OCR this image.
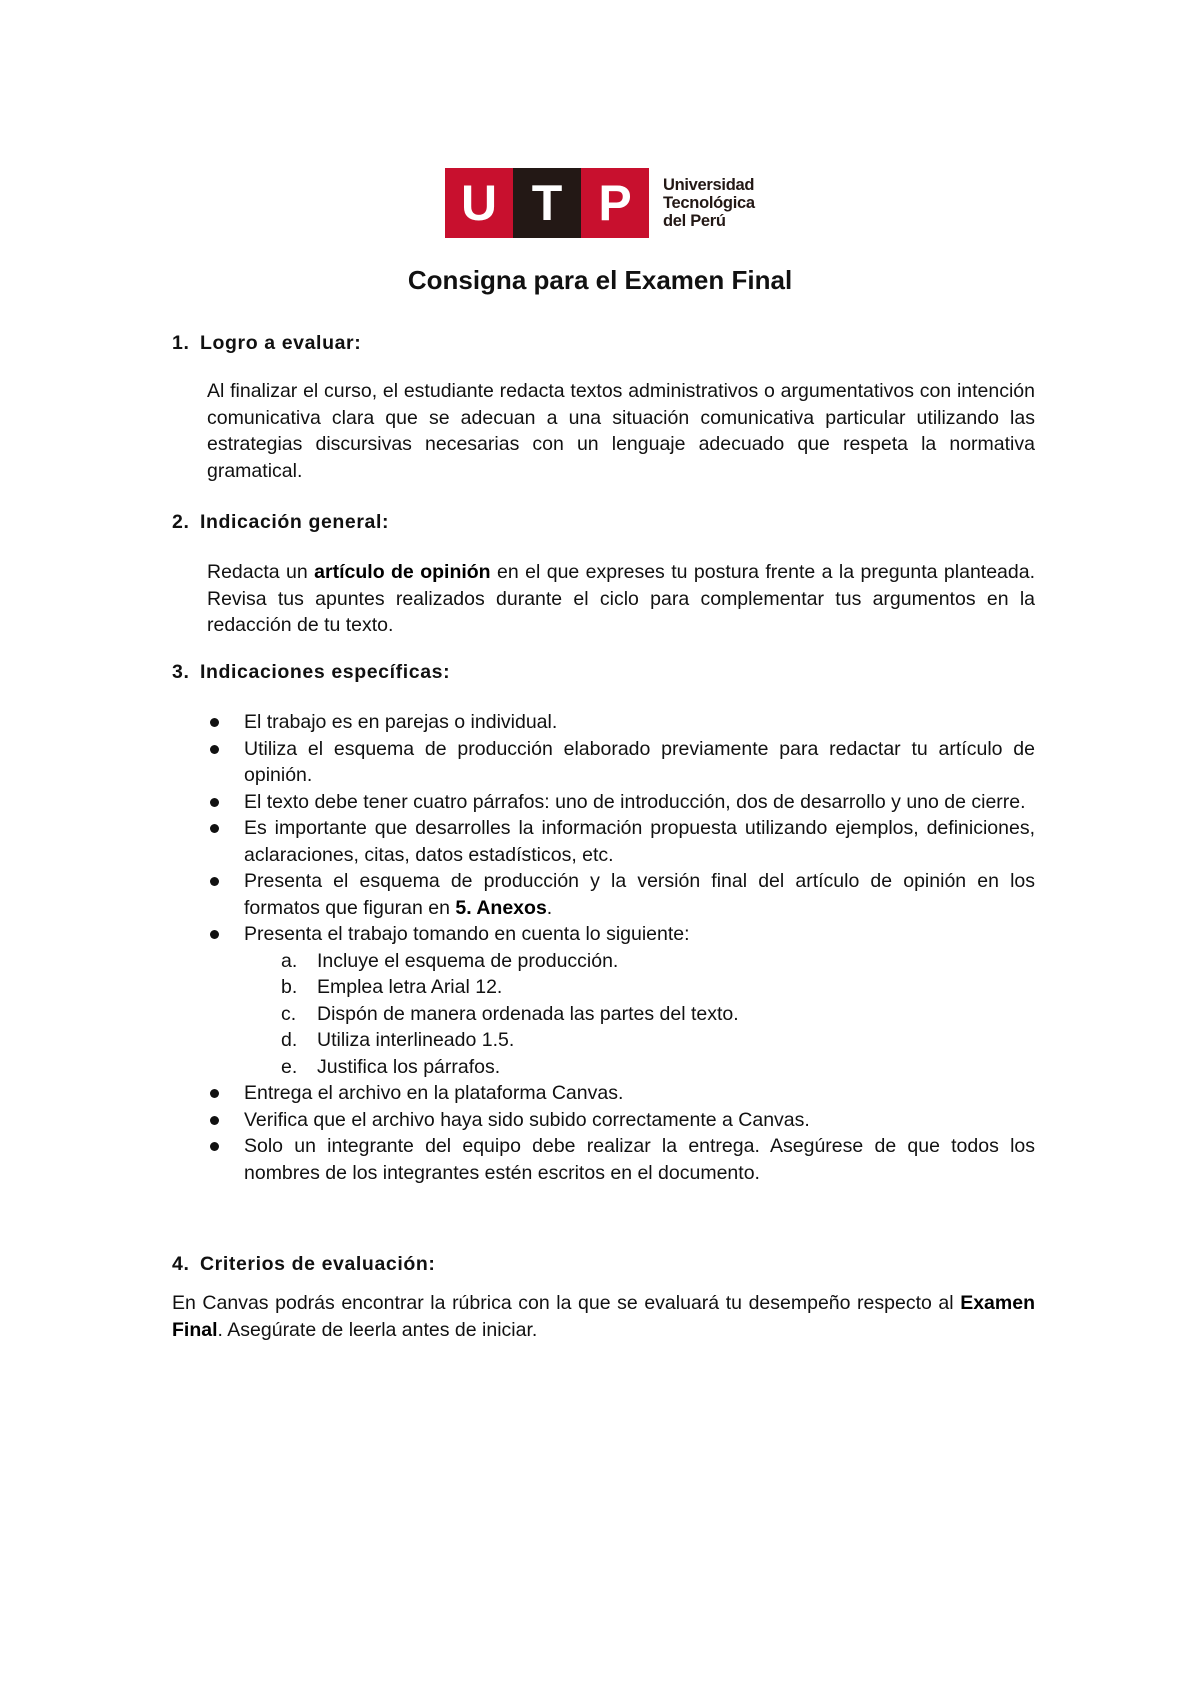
U T P	Universidad
Tecnológica
del Perú
Consigna para el Examen Final
1. Logro a evaluar:
Al finalizar el curso, el estudiante redacta textos administrativos o argumentativos con intención comunicativa clara que se adecuan a una situación comunicativa particular utilizando las estrategias discursivas necesarias con un lenguaje adecuado que respeta la normativa gramatical.
2. Indicación general:
Redacta un artículo de opinión en el que expreses tu postura frente a la pregunta planteada. Revisa tus apuntes realizados durante el ciclo para complementar tus argumentos en la redacción de tu texto.
3. Indicaciones específicas:
El trabajo es en parejas o individual.
Utiliza el esquema de producción elaborado previamente para redactar tu artículo de opinión.
El texto debe tener cuatro párrafos: uno de introducción, dos de desarrollo y uno de cierre.
Es importante que desarrolles la información propuesta utilizando ejemplos, definiciones, aclaraciones, citas, datos estadísticos, etc.
Presenta el esquema de producción y la versión final del artículo de opinión en los formatos que figuran en 5. Anexos.
Presenta el trabajo tomando en cuenta lo siguiente:
a. Incluye el esquema de producción.
b. Emplea letra Arial 12.
c. Dispón de manera ordenada las partes del texto.
d. Utiliza interlineado 1.5.
e. Justifica los párrafos.
Entrega el archivo en la plataforma Canvas.
Verifica que el archivo haya sido subido correctamente a Canvas.
Solo un integrante del equipo debe realizar la entrega. Asegúrese de que todos los nombres de los integrantes estén escritos en el documento.
4. Criterios de evaluación:
En Canvas podrás encontrar la rúbrica con la que se evaluará tu desempeño respecto al Examen Final. Asegúrate de leerla antes de iniciar.
